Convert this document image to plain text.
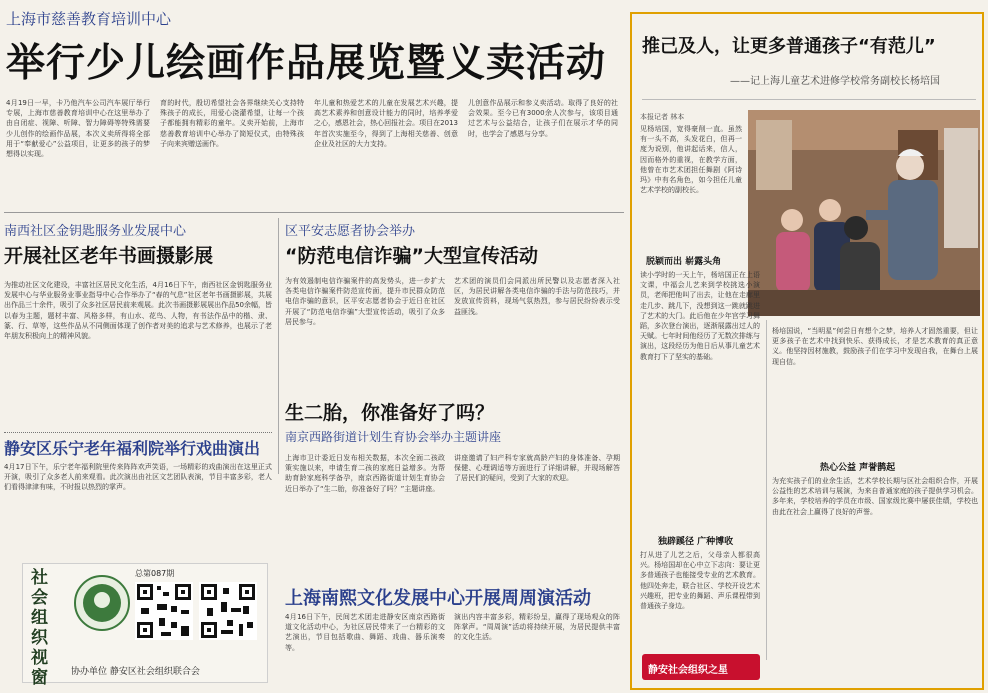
上海市慈善教育培训中心
举行少儿绘画作品展览暨义卖活动
4月19日一早，卡乃他汽车公司汽车展厅举行专展，上海市慈善教育培训中心在这里举办了由自闭症、视障、听障、智力障碍等特殊需要少儿创作的绘画作品展，本次义卖所得将全部用于“奉献爱心”公益项目，让更多的孩子的梦想得以实现。
育的时代，殷切希望社会各界继续关心支持特殊孩子的成长，用爱心浇灌希望，让每一个孩子都能拥有精彩的童年。义卖开始前，上海市慈善教育培训中心举办了简短仪式，由特殊孩子向来宾赠送画作。
年儿童和热爱艺术的儿童在发展艺术兴趣，提高艺术素养和创意设计能力的同时，培养孝爱之心，感恩社会，热心回报社会。项目在2013年首次实施至今，得到了上海相关慈善、创意企业及社区的大力支持。
儿创意作品展示和参义卖活动。取得了良好的社会效果。至今已有3000余人次参与，该项目通过艺术与公益结合，让孩子们在展示才华的同时，也学会了感恩与分享。
南西社区金钥匙服务业发展中心
开展社区老年书画摄影展
为推动社区文化建设，丰富社区居民文化生活，4月16日下午，南西社区金钥匙服务业发展中心与华业服务业事业指导中心合作举办了“春的气息”社区老年书画摄影展，共展出作品三十余件，吸引了众多社区居民前来观展。此次书画摄影展展出作品50余幅，皆以春为主题，题材丰富、风格多样，有山水、花鸟、人物，有书法作品中的楷、隶、篆、行、草等，这些作品从不同侧面体现了创作者对美的追求与艺术修养，也展示了老年朋友积极向上的精神风貌。
静安区乐宁老年福利院举行戏曲演出
4月17日下午，乐宁老年福利院里传来阵阵欢声笑语，一场精彩的戏曲演出在这里正式开演，吸引了众多老人前来观看。此次演出由社区文艺团队表演，节目丰富多彩，老人们看得津津有味，不时报以热烈的掌声。
社会组织视窗
总第087期
协办单位 静安区社会组织联合会
区平安志愿者协会举办
“防范电信诈骗”大型宣传活动
为有效遏制电信诈骗案件的高发势头，进一步扩大各类电信诈骗案件防范宣传面，提升市民群众防范电信诈骗的意识，区平安志愿者协会于近日在社区开展了“防范电信诈骗”大型宣传活动，吸引了众多居民参与。
艺术团的演员们会同派出所民警以及志愿者深入社区，为居民讲解各类电信诈骗的手法与防范技巧，并发放宣传资料，现场气氛热烈，参与居民纷纷表示受益匪浅。
生二胎，你准备好了吗？
南京西路街道计划生育协会举办主题讲座
上海市卫计委近日发布相关数据，本次全面二孩政策实施以来，申请生育二孩的家庭日益增多。为帮助育龄家庭科学备孕，南京西路街道计划生育协会近日举办了“生二胎，你准备好了吗？”主题讲座。
讲座邀请了妇产科专家就高龄产妇的身体准备、孕期保健、心理调适等方面进行了详细讲解，并现场解答了居民们的疑问，受到了大家的欢迎。
上海南熙文化发展中心开展周周演活动
4月16日下午，民间艺术团走进静安区南京西路街道文化活动中心，为社区居民带来了一台精彩的文艺演出，节目包括歌曲、舞蹈、戏曲、器乐演奏等。
演出内容丰富多彩，精彩纷呈，赢得了现场观众的阵阵掌声。“周周演”活动将持续开展，为居民提供丰富的文化生活。
推己及人，让更多普通孩子“有范儿”
——记上海儿童艺术进修学校常务副校长杨培国
本报记者 林本
见杨培国，宽得豪削一直。虽然有一头不高，头发花白，但再一度为说别，他讲起话来，信人，因而格外的重视，在教学方面，他曾在市艺术团担任舞剧《阿诗玛》中有名角色，如今担任儿童艺术学校的副校长。
脱颖而出 崭露头角
读小学时的一天上午，杨培国正在上语文课，中福会儿艺来到学校挑选小演员，老师把他叫了出去，让他在走廊里走几步、跳几下，没想到这一跳就跳进了艺术的大门。此后他在少年宫学习舞蹈，多次登台演出，逐渐展露出过人的天赋。七年时间他经历了无数次排练与演出，这段经历为他日后从事儿童艺术教育打下了坚实的基础。
独辟蹊径 广种博收
打从进了儿艺之后，父母亲人都很高兴。杨培国却在心中立下志向：要让更多普通孩子也能接受专业的艺术教育。他四处奔走，联合社区、学校开设艺术兴趣班，把专业的舞蹈、声乐课程带到普通孩子身边。
杨培国说，“当明星”何尝日有想个之梦，培养人才固然重要，但让更多孩子在艺术中找到快乐、获得成长，才是艺术教育的真正意义。他坚持因材施教，鼓励孩子们在学习中发现自我，在舞台上展现自信。
热心公益 声誉鹊起
为充实孩子们的业余生活，艺术学校长期与区社会组织合作，开展公益性的艺术培训与展演，为来自普通家庭的孩子提供学习机会。多年来，学校培养的学员在市级、国家级比赛中屡获佳绩，学校也由此在社会上赢得了良好的声誉。
静安社会组织之星
